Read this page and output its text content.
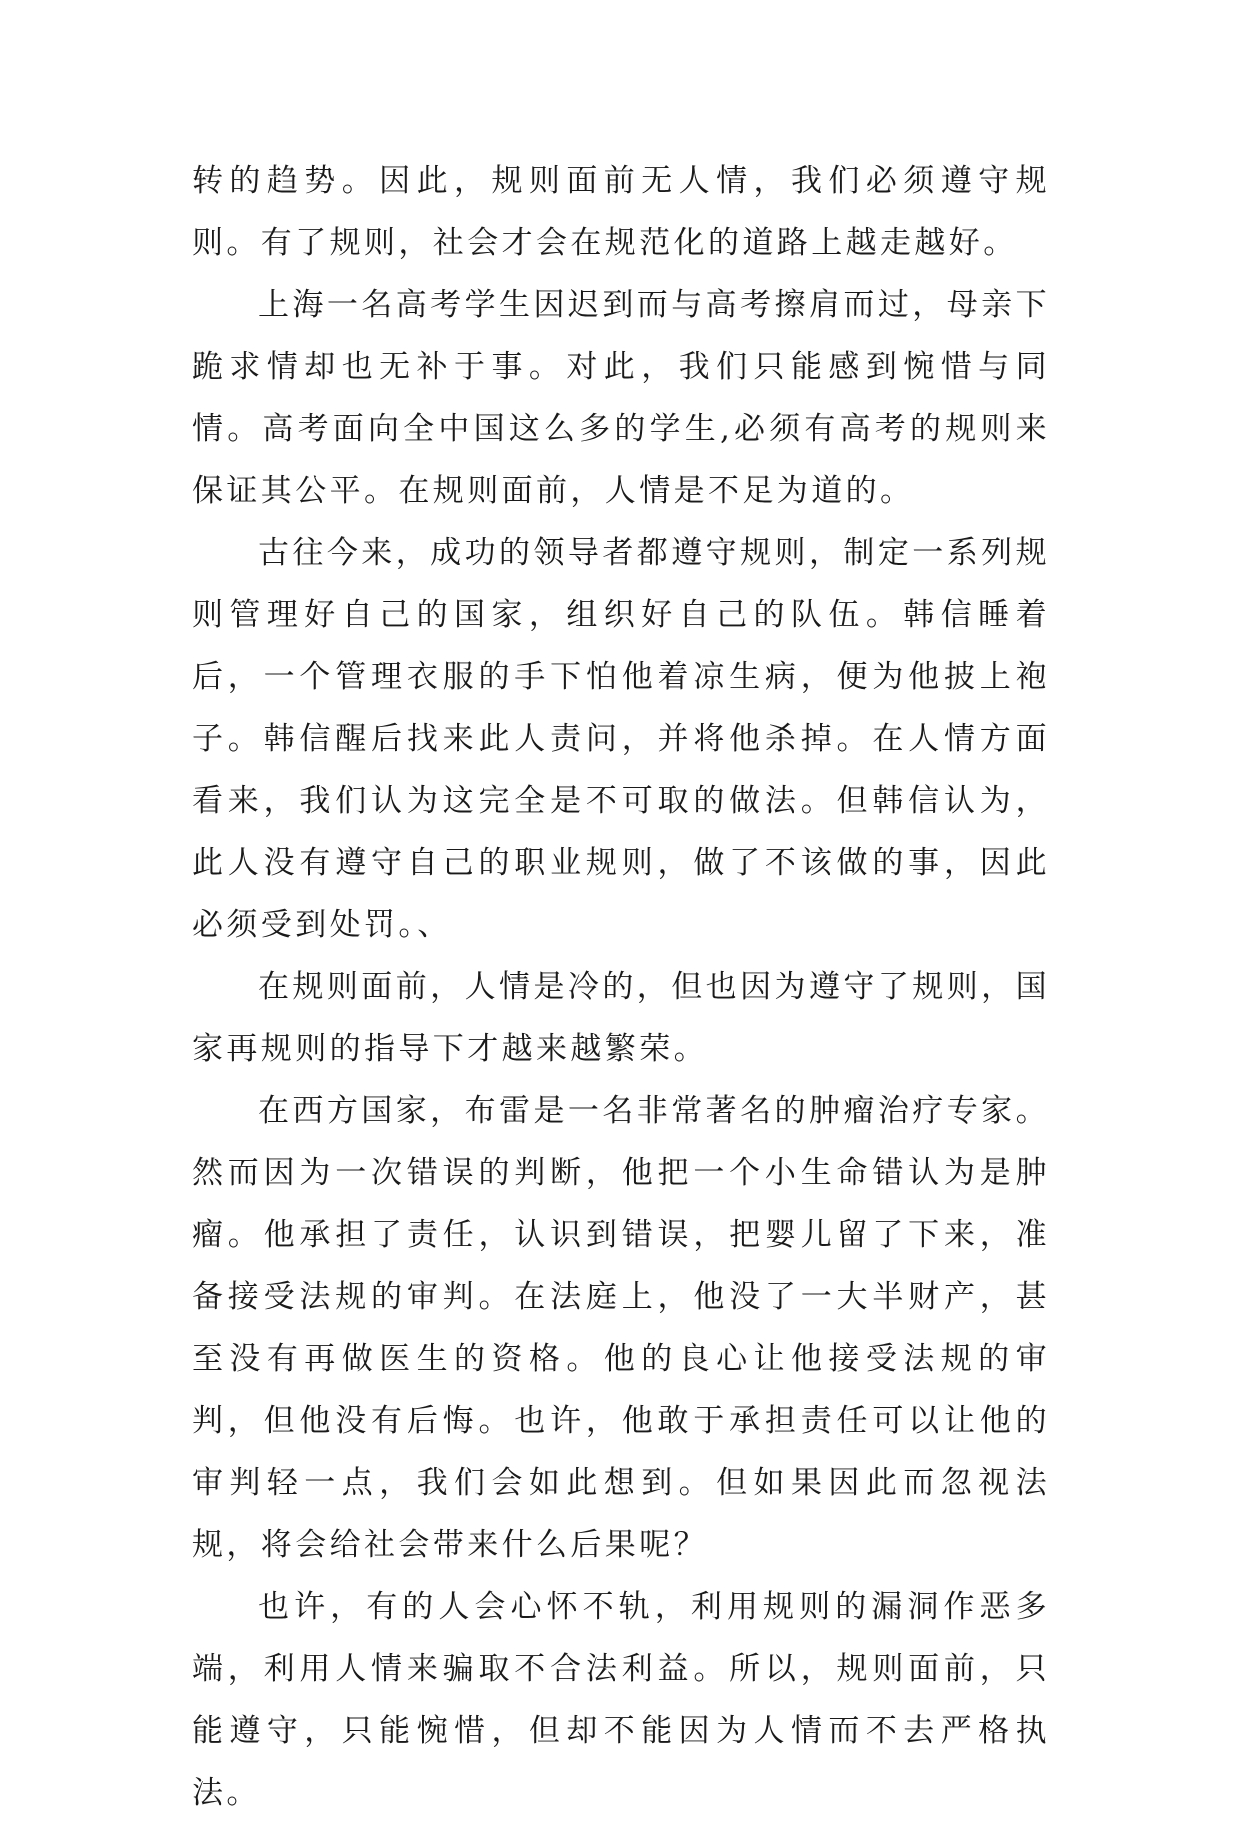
转的趋势。因此，规则面前无人情，我们必须遵守规则。有了规则，社会才会在规范化的道路上越走越好。

上海一名高考学生因迟到而与高考擦肩而过，母亲下跪求情却也无补于事。对此，我们只能感到惋惜与同情。高考面向全中国这么多的学生,必须有高考的规则来保证其公平。在规则面前，人情是不足为道的。

古往今来，成功的领导者都遵守规则，制定一系列规则管理好自己的国家，组织好自己的队伍。韩信睡着后，一个管理衣服的手下怕他着凉生病，便为他披上袍子。韩信醒后找来此人责问，并将他杀掉。在人情方面看来，我们认为这完全是不可取的做法。但韩信认为，此人没有遵守自己的职业规则，做了不该做的事，因此必须受到处罚。、

在规则面前，人情是冷的，但也因为遵守了规则，国家再规则的指导下才越来越繁荣。

在西方国家，布雷是一名非常著名的肿瘤治疗专家。然而因为一次错误的判断，他把一个小生命错认为是肿瘤。他承担了责任，认识到错误，把婴儿留了下来，准备接受法规的审判。在法庭上，他没了一大半财产，甚至没有再做医生的资格。他的良心让他接受法规的审判，但他没有后悔。也许，他敢于承担责任可以让他的审判轻一点，我们会如此想到。但如果因此而忽视法规，将会给社会带来什么后果呢？

也许，有的人会心怀不轨，利用规则的漏洞作恶多端，利用人情来骗取不合法利益。所以，规则面前，只能遵守，只能惋惜，但却不能因为人情而不去严格执法。
